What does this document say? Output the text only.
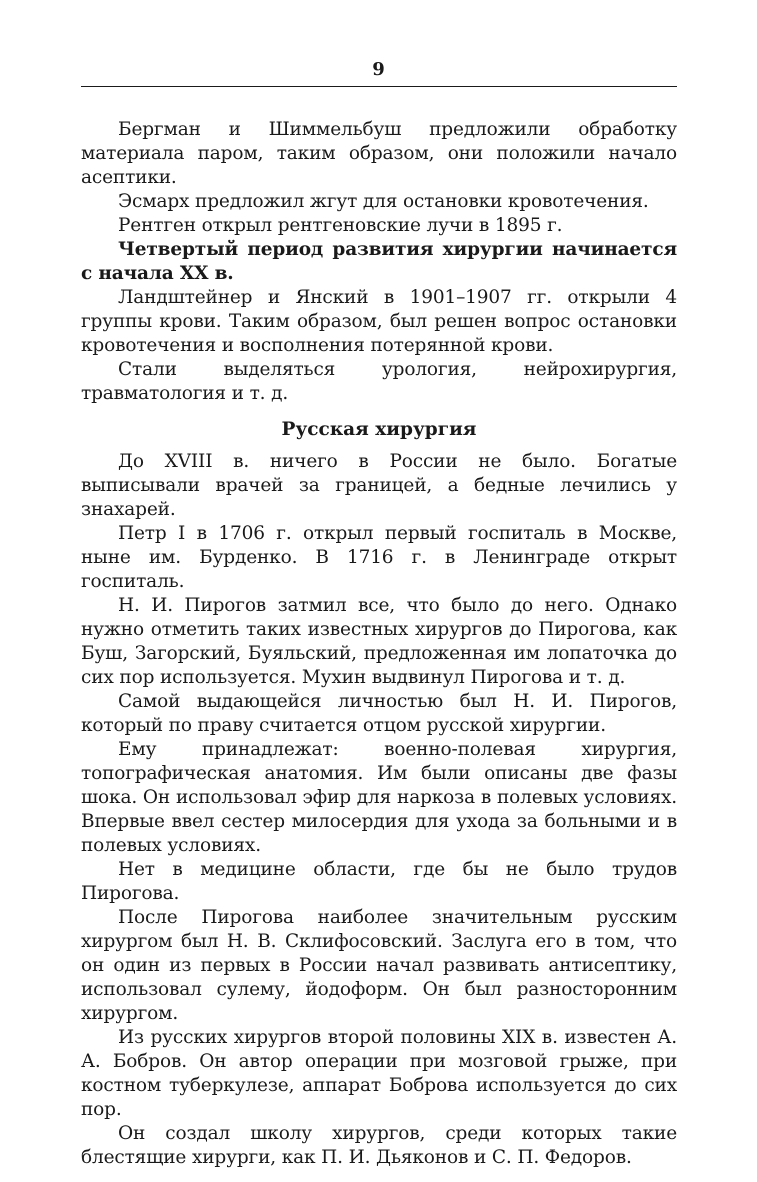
9

Бергман и Шиммельбуш предложили обработку материала паром, таким образом, они положили начало асептики.

Эсмарх предложил жгут для остановки кровотечения.

Рентген открыл рентгеновские лучи в 1895 г.

Четвертый период развития хирургии начинается с начала XX в.

Ландштейнер и Янский в 1901–1907 гг. открыли 4 группы крови. Таким образом, был решен вопрос остановки кровотечения и восполнения потерянной крови.

Стали выделяться урология, нейрохирургия, травматология и т. д.

Русская хирургия

До XVIII в. ничего в России не было. Богатые выписывали врачей за границей, а бедные лечились у знахарей.

Петр I в 1706 г. открыл первый госпиталь в Москве, ныне им. Бурденко. В 1716 г. в Ленинграде открыт госпиталь.

Н. И. Пирогов затмил все, что было до него. Однако нужно отметить таких известных хирургов до Пирогова, как Буш, Загорский, Буяльский, предложенная им лопаточка до сих пор используется. Мухин выдвинул Пирогова и т. д.

Самой выдающейся личностью был Н. И. Пирогов, который по праву считается отцом русской хирургии.

Ему принадлежат: военно-полевая хирургия, топографическая анатомия. Им были описаны две фазы шока. Он использовал эфир для наркоза в полевых условиях. Впервые ввел сестер милосердия для ухода за больными и в полевых условиях.

Нет в медицине области, где бы не было трудов Пирогова.

После Пирогова наиболее значительным русским хирургом был Н. В. Склифосовский. Заслуга его в том, что он один из первых в России начал развивать антисептику, использовал сулему, йодоформ. Он был разносторонним хирургом.

Из русских хирургов второй половины XIX в. известен А. А. Бобров. Он автор операции при мозговой грыже, при костном туберкулезе, аппарат Боброва используется до сих пор.

Он создал школу хирургов, среди которых такие блестящие хирурги, как П. И. Дьяконов и С. П. Федоров.
